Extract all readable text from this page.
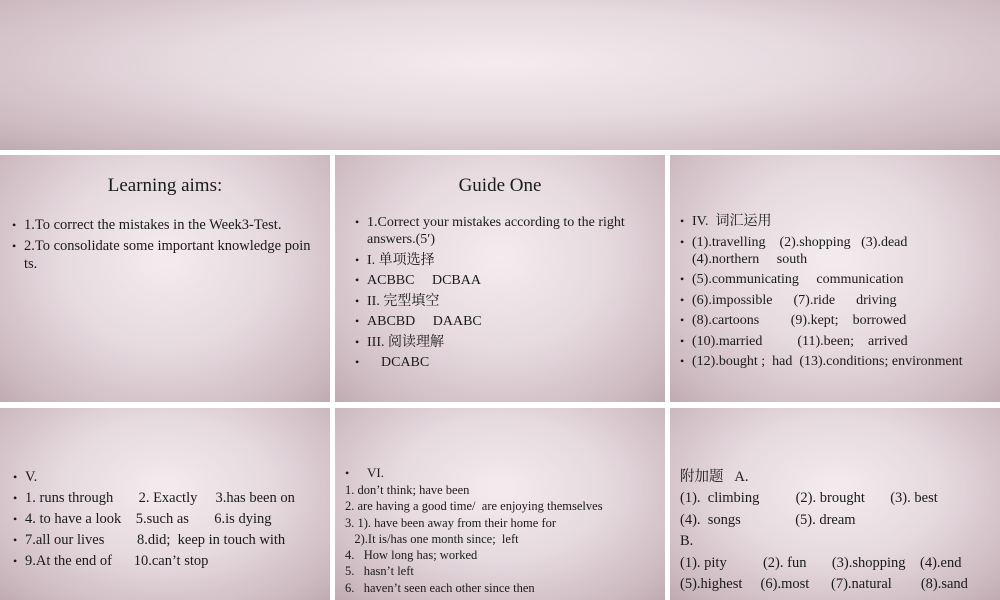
Learning aims:
• 1.To correct the mistakes in the Week3-Test.
• 2.To consolidate some important knowledge poin ts.
Guide One
• 1.Correct your mistakes according to the right answers.(5′)
• I. 单项选择
• ACBBC     DCBAA
• II. 完型填空
• ABCBD     DAABC
• III. 阅读理解
•     DCABC
• IV.  词汇运用
• (1).travelling    (2).shopping   (3).dead        (4).northern     south
• (5).communicating     communication
• (6).impossible      (7).ride      driving
• (8).cartoons         (9).kept;    borrowed
• (10).married          (11).been;    arrived
• (12).bought ;  had  (13).conditions; environment
• V.
• 1. runs through       2. Exactly     3.has been on
• 4. to have a look    5.such as       6.is dying
• 7.all our lives         8.did;  keep in touch with
• 9.At the end of      10.can’t stop
• VI.
1. don’t think; have been
2. are having a good time/  are enjoying themselves
3. 1). have been away from their home for
2).It is/has one month since;  left
4.   How long has; worked
5.   hasn’t left
6.   haven’t seen each other since then
附加题   A.
(1).  climbing          (2). brought       (3). best
(4).  songs               (5). dream
B.
(1). pity          (2). fun       (3).shopping    (4).end
(5).highest     (6).most      (7).natural        (8).sand
